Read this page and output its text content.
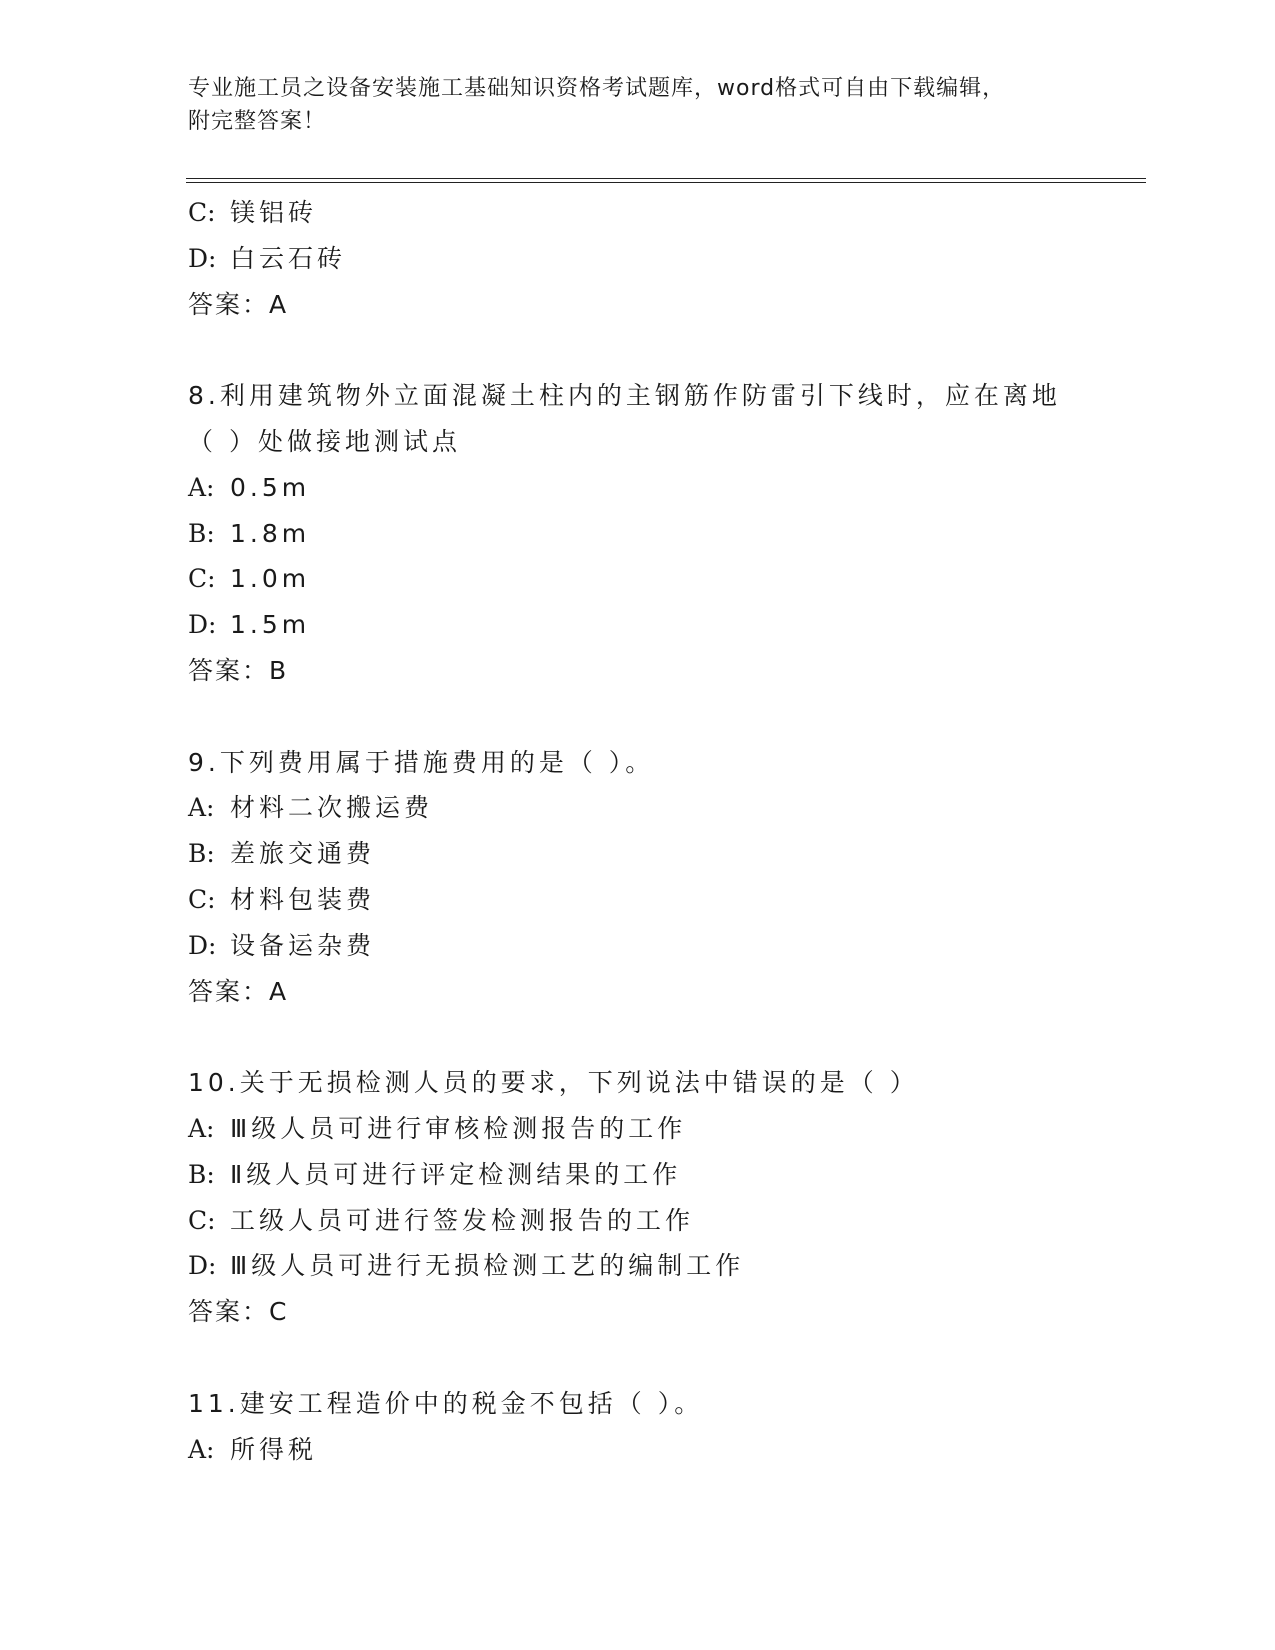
专业施工员之设备安装施工基础知识资格考试题库，word格式可自由下载编辑，
附完整答案！
C: 镁铝砖
D: 白云石砖
答案：A
8.利用建筑物外立面混凝土柱内的主钢筋作防雷引下线时，应在离地
（ ）处做接地测试点
A: 0.5m
B: 1.8m
C: 1.0m
D: 1.5m
答案：B
9.下列费用属于措施费用的是（ ）。
A: 材料二次搬运费
B: 差旅交通费
C: 材料包装费
D: 设备运杂费
答案：A
10.关于无损检测人员的要求，下列说法中错误的是（ ）
A: Ⅲ级人员可进行审核检测报告的工作
B: Ⅱ级人员可进行评定检测结果的工作
C: 工级人员可进行签发检测报告的工作
D: Ⅲ级人员可进行无损检测工艺的编制工作
答案：C
11.建安工程造价中的税金不包括（ ）。
A: 所得税
